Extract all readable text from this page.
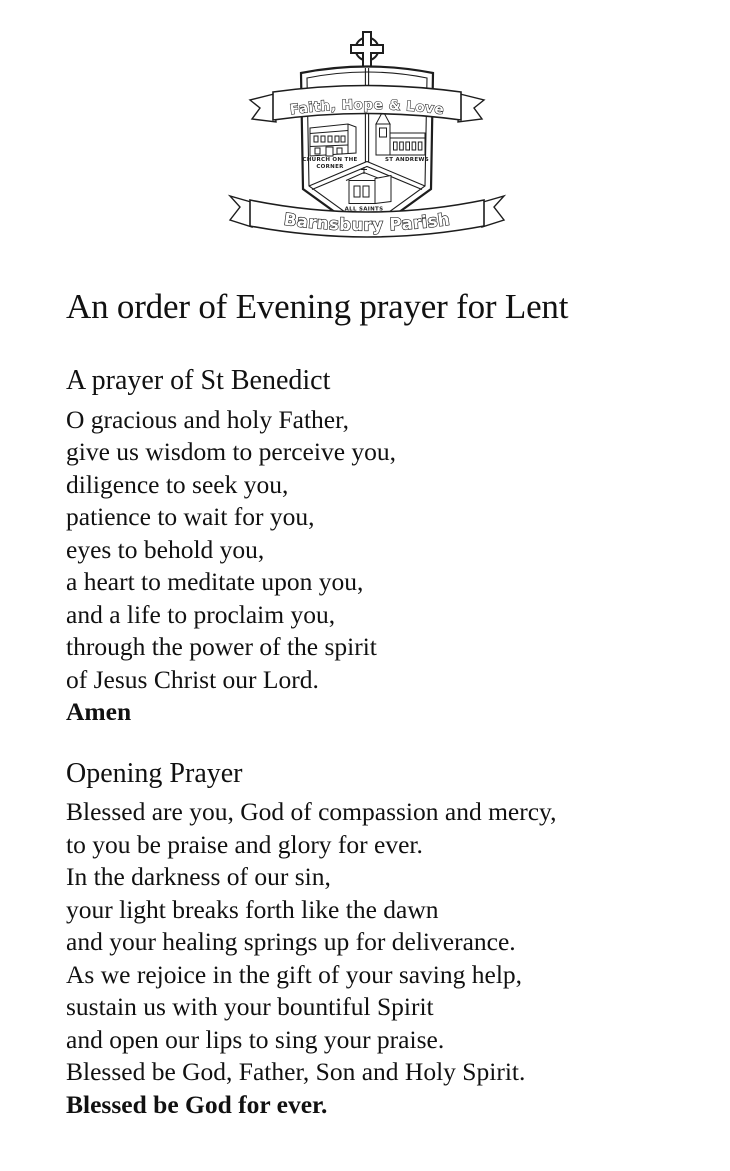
CHURCH ON THE
CORNER
ST ANDREWS
ALL SAINTS
Faith, Hope & Love
Barnsbury Parish
An order of Evening prayer for Lent
A prayer of St Benedict

O gracious and holy Father,

give us wisdom to perceive you,

diligence to seek you,

patience to wait for you,

eyes to behold you,

a heart to meditate upon you,

and a life to proclaim you,

through the power of the spirit

of Jesus Christ our Lord.

Amen

Opening Prayer

Blessed are you, God of compassion and mercy,

to you be praise and glory for ever.

In the darkness of our sin,

your light breaks forth like the dawn

and your healing springs up for deliverance.

As we rejoice in the gift of your saving help,

sustain us with your bountiful Spirit

and open our lips to sing your praise.

Blessed be God, Father, Son and Holy Spirit.

Blessed be God for ever.
